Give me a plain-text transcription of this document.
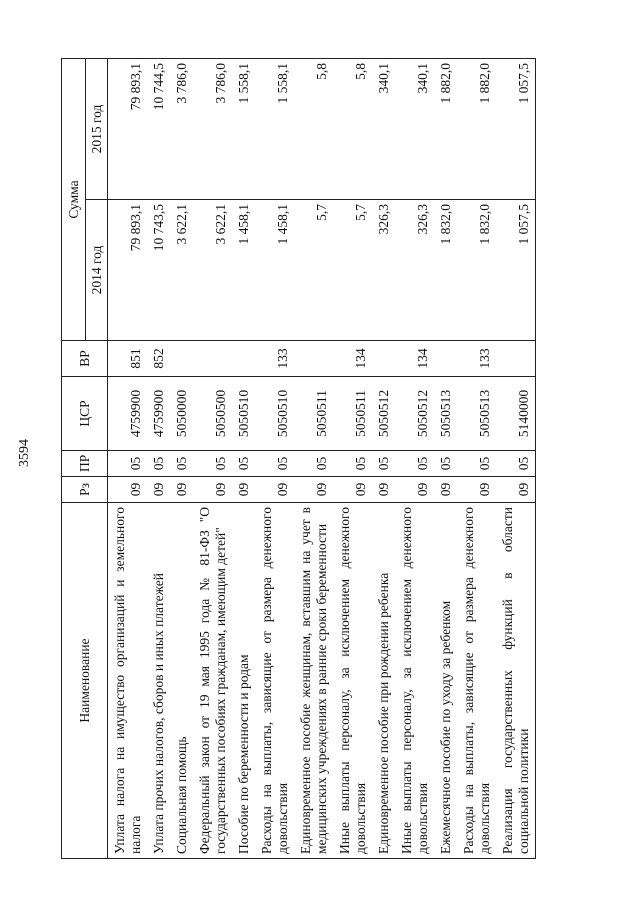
3594
Наименование	Рз	ПР	ЦСР	ВР	Сумма	
					2014 год	2015 год
Уплата налога на имущество организаций и земельного налога	09	05	4759900	851	79 893,1	79 893,1
Уплата прочих налогов, сборов и иных платежей	09	05	4759900	852	10 743,5	10 744,5
Социальная помощь	09	05	5050000		3 622,1	3 786,0
Федеральный закон от 19 мая 1995 года № 81-ФЗ "О государственных пособиях гражданам, имеющим детей"	09	05	5050500		3 622,1	3 786,0
Пособие по беременности и родам	09	05	5050510		1 458,1	1 558,1
Расходы на выплаты, зависящие от размера денежного довольствия	09	05	5050510	133	1 458,1	1 558,1
Единовременное пособие женщинам, вставшим на учет в медицинских учреждениях в ранние сроки беременности	09	05	5050511		5,7	5,8
Иные выплаты персоналу, за исключением денежного довольствия	09	05	5050511	134	5,7	5,8
Единовременное пособие при рождении ребенка	09	05	5050512		326,3	340,1
Иные выплаты персоналу, за исключением денежного довольствия	09	05	5050512	134	326,3	340,1
Ежемесячное пособие по уходу за ребенком	09	05	5050513		1 832,0	1 882,0
Расходы на выплаты, зависящие от размера денежного довольствия	09	05	5050513	133	1 832,0	1 882,0
Реализация государственных функций в области социальной политики	09	05	5140000		1 057,5	1 057,5
